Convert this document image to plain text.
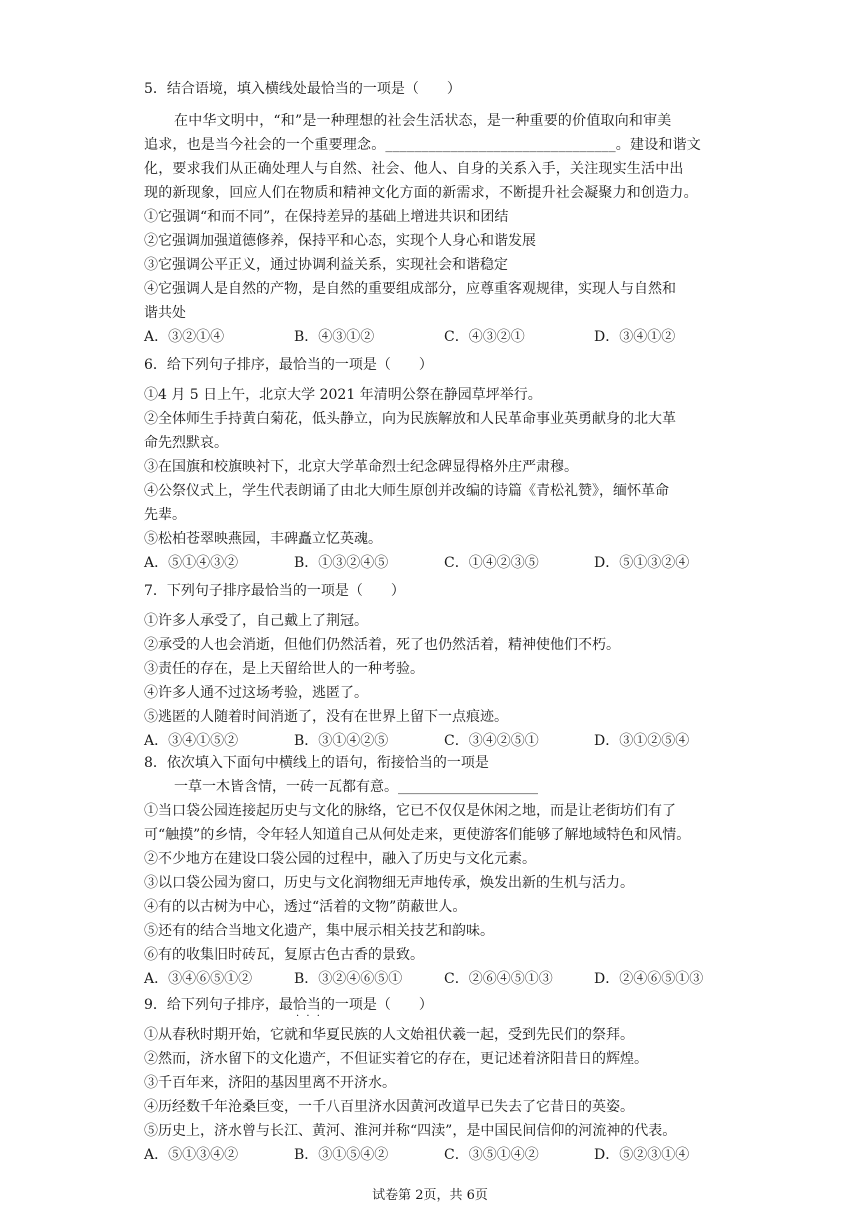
5．结合语境，填入横线处最恰当的一项是（　　）
在中华文明中，“和”是一种理想的社会生活状态，是一种重要的价值取向和审美
追求，也是当今社会的一个重要理念。________________________________。建设和谐文
化，要求我们从正确处理人与自然、社会、他人、自身的关系入手，关注现实生活中出
现的新现象，回应人们在物质和精神文化方面的新需求，不断提升社会凝聚力和创造力。
①它强调“和而不同”，在保持差异的基础上增进共识和团结
②它强调加强道德修养，保持平和心态，实现个人身心和谐发展
③它强调公平正义，通过协调利益关系，实现社会和谐稳定
④它强调人是自然的产物，是自然的重要组成部分，应尊重客观规律，实现人与自然和
谐共处
A．③②①④	B．④③①②	C．④③②①	D．③④①②
6．给下列句子排序，最恰当的一项是（　　）
①4 月 5 日上午，北京大学 2021 年清明公祭在静园草坪举行。
②全体师生手持黄白菊花，低头静立，向为民族解放和人民革命事业英勇献身的北大革
命先烈默哀。
③在国旗和校旗映衬下，北京大学革命烈士纪念碑显得格外庄严肃穆。
④公祭仪式上，学生代表朗诵了由北大师生原创并改编的诗篇《青松礼赞》，缅怀革命
先辈。
⑤松柏苍翠映燕园，丰碑矗立忆英魂。
A．⑤①④③②	B．①③②④⑤	C．①④②③⑤	D．⑤①③②④
7．下列句子排序最恰当的一项是（　　）
①许多人承受了，自己戴上了荆冠。
②承受的人也会消逝，但他们仍然活着，死了也仍然活着，精神使他们不朽。
③责任的存在，是上天留给世人的一种考验。
④许多人通不过这场考验，逃匿了。
⑤逃匿的人随着时间消逝了，没有在世界上留下一点痕迹。
A．③④①⑤②	B．③①④②⑤	C．③④②⑤①	D．③①②⑤④
8．依次填入下面句中横线上的语句，衔接恰当的一项是
一草一木皆含情，一砖一瓦都有意。____________________
①当口袋公园连接起历史与文化的脉络，它已不仅仅是休闲之地，而是让老街坊们有了
可“触摸”的乡情，令年轻人知道自己从何处走来，更使游客们能够了解地域特色和风情。
②不少地方在建设口袋公园的过程中，融入了历史与文化元素。
③以口袋公园为窗口，历史与文化润物细无声地传承，焕发出新的生机与活力。
④有的以古树为中心，透过“活着的文物”荫蔽世人。
⑤还有的结合当地文化遗产，集中展示相关技艺和韵味。
⑥有的收集旧时砖瓦，复原古色古香的景致。
A．③④⑥⑤①②	B．③②④⑥⑤①	C．②⑥④⑤①③	D．②④⑥⑤①③
9．给下列句子排序，最恰当的一项是（　　）
· · ·
①从春秋时期开始，它就和华夏民族的人文始祖伏羲一起，受到先民们的祭拜。
②然而，济水留下的文化遗产，不但证实着它的存在，更记述着济阳昔日的辉煌。
③千百年来，济阳的基因里离不开济水。
④历经数千年沧桑巨变，一千八百里济水因黄河改道早已失去了它昔日的英姿。
⑤历史上，济水曾与长江、黄河、淮河并称“四渎”，是中国民间信仰的河流神的代表。
A．⑤①③④②	B．③①⑤④②	C．③⑤①④②	D．⑤②③①④
试卷第 2页，共 6页
